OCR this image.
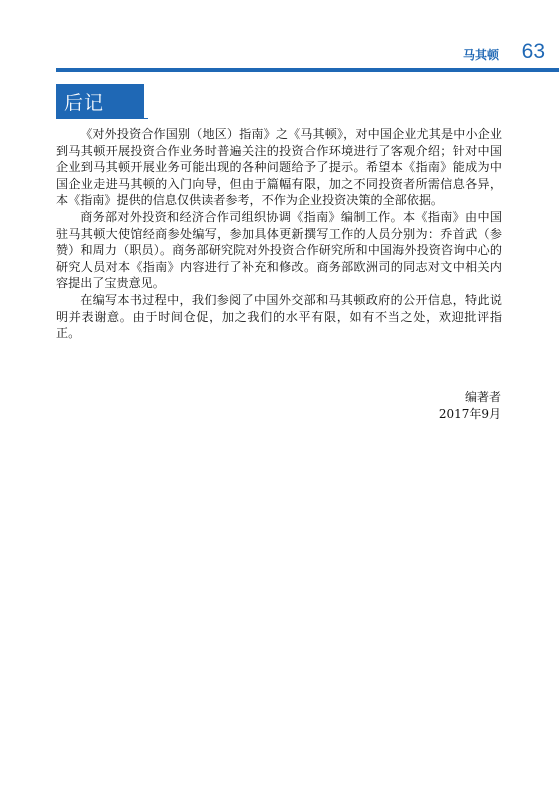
马其顿 63
后记

《对外投资合作国别（地区）指南》之《马其顿》，对中国企业尤其是中小企业到马其顿开展投资合作业务时普遍关注的投资合作环境进行了客观介绍；针对中国企业到马其顿开展业务可能出现的各种问题给予了提示。希望本《指南》能成为中国企业走进马其顿的入门向导，但由于篇幅有限，加之不同投资者所需信息各异，本《指南》提供的信息仅供读者参考，不作为企业投资决策的全部依据。

商务部对外投资和经济合作司组织协调《指南》编制工作。本《指南》由中国驻马其顿大使馆经商参处编写，参加具体更新撰写工作的人员分别为：乔首武（参赞）和周力（职员）。商务部研究院对外投资合作研究所和中国海外投资咨询中心的研究人员对本《指南》内容进行了补充和修改。商务部欧洲司的同志对文中相关内容提出了宝贵意见。

在编写本书过程中，我们参阅了中国外交部和马其顿政府的公开信息，特此说明并表谢意。由于时间仓促，加之我们的水平有限，如有不当之处，欢迎批评指正。

编著者
2017年9月
